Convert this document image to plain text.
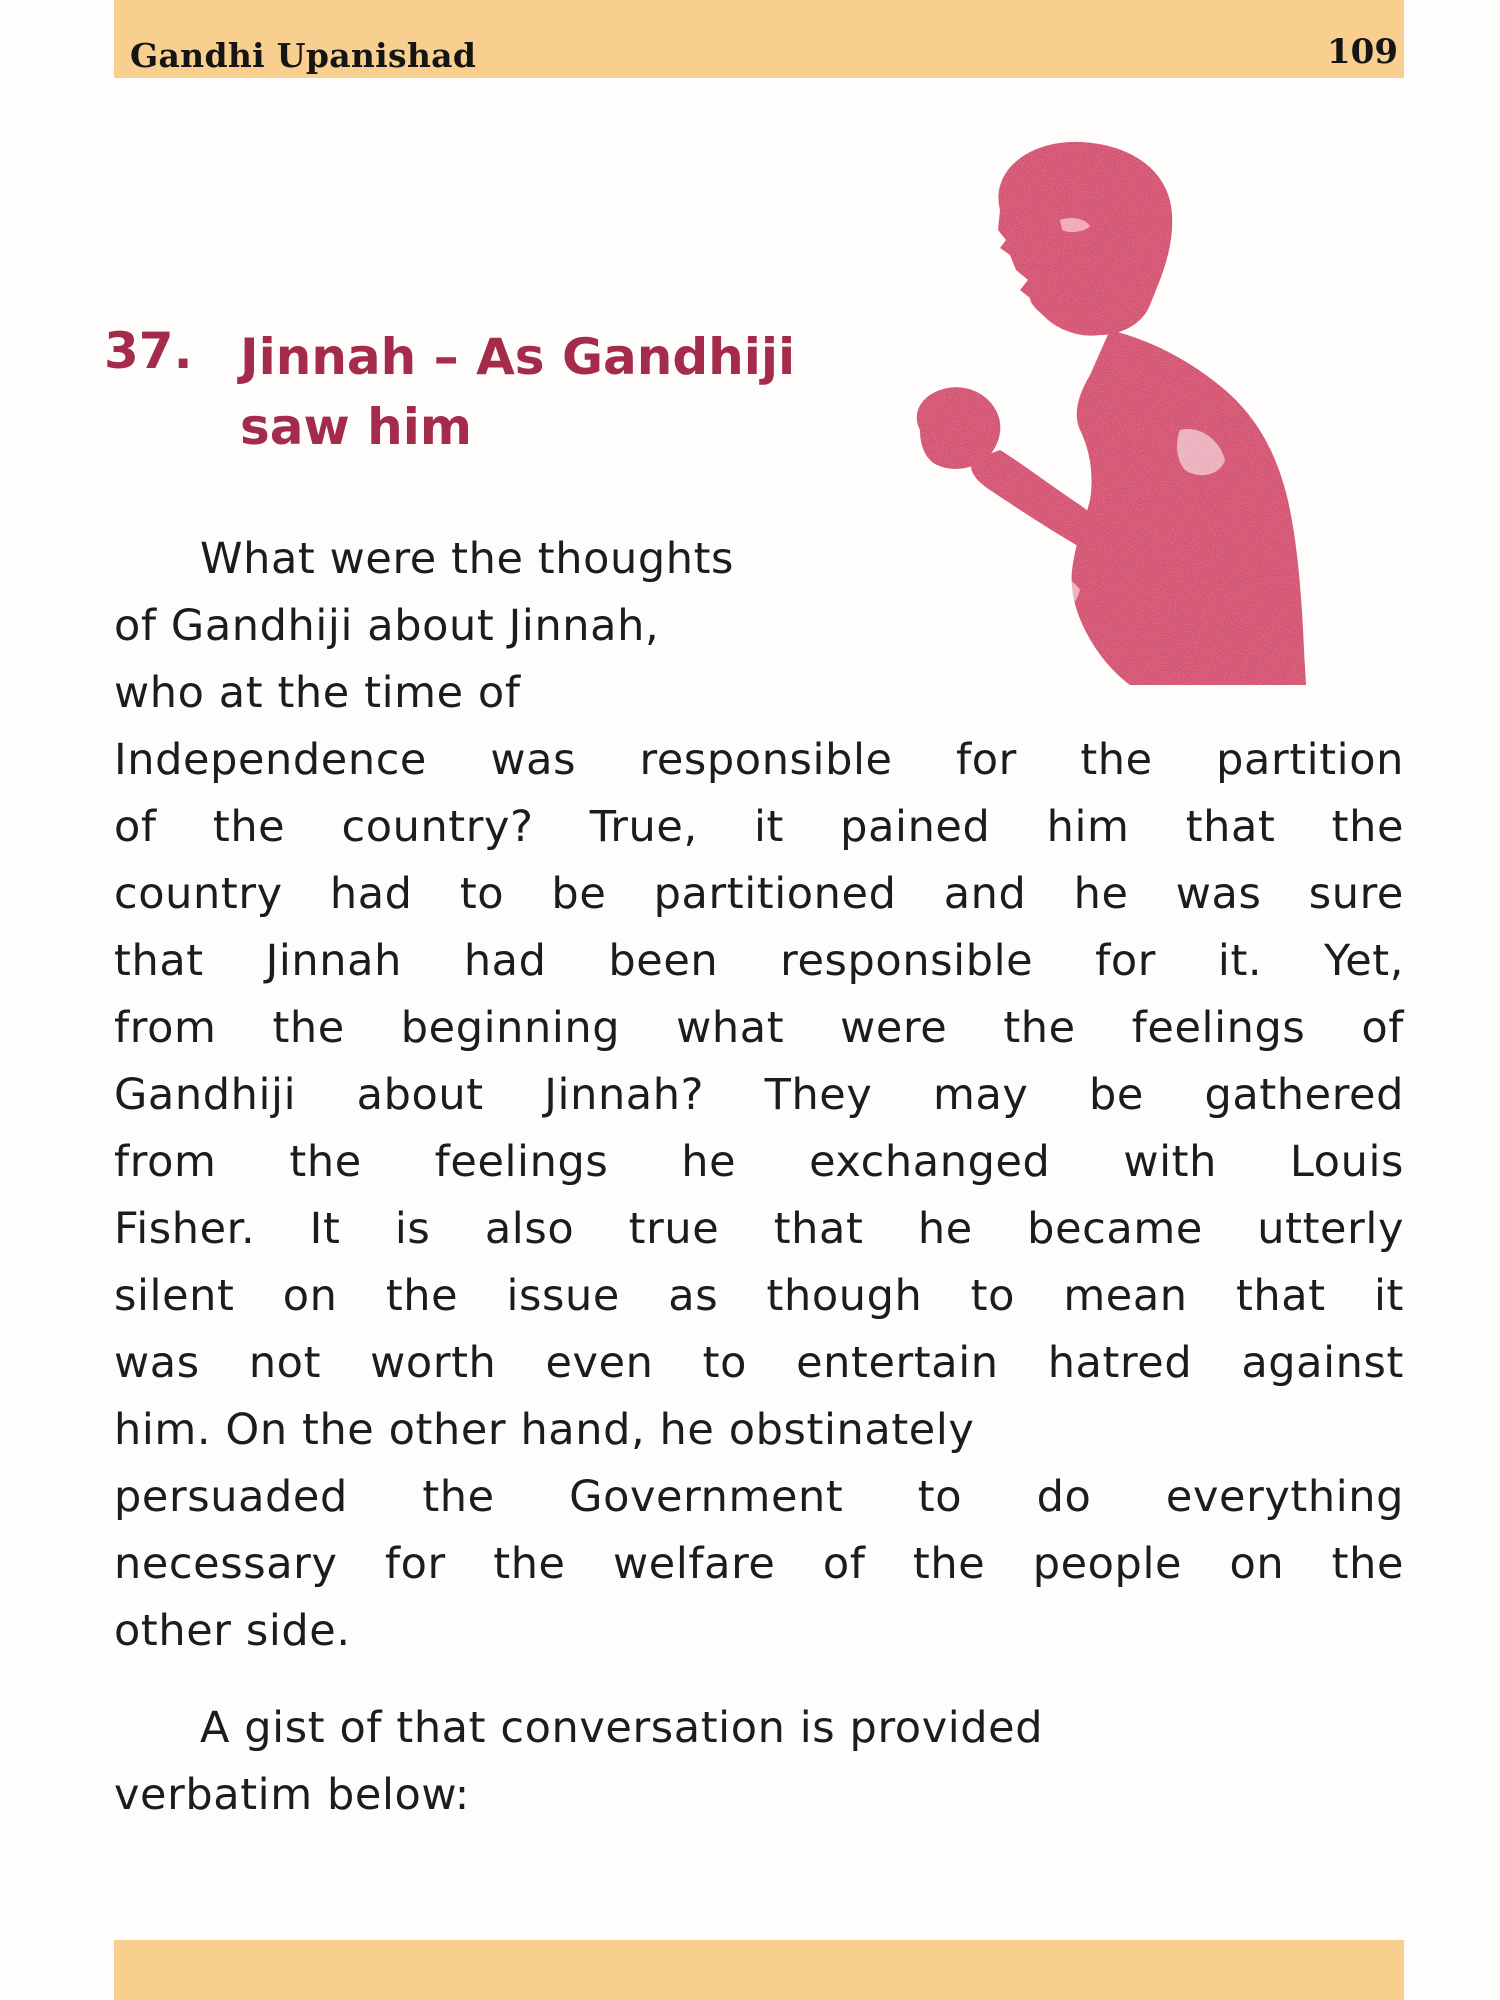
Gandhi Upanishad	109
37. Jinnah – As Gandhiji
saw him
What were the thoughts
of Gandhiji about Jinnah,
who at the time of
Independence was responsible for the partition
of the country? True, it pained him that the
country had to be partitioned and he was sure
that Jinnah had been responsible for it. Yet,
from the beginning what were the feelings of
Gandhiji about Jinnah? They may be gathered
from the feelings he exchanged with Louis
Fisher. It is also true that he became utterly
silent on the issue as though to mean that it
was not worth even to entertain hatred against
him. On the other hand, he obstinately
persuaded the Government to do everything
necessary for the welfare of the people on the
other side.
A gist of that conversation is provided
verbatim below:
